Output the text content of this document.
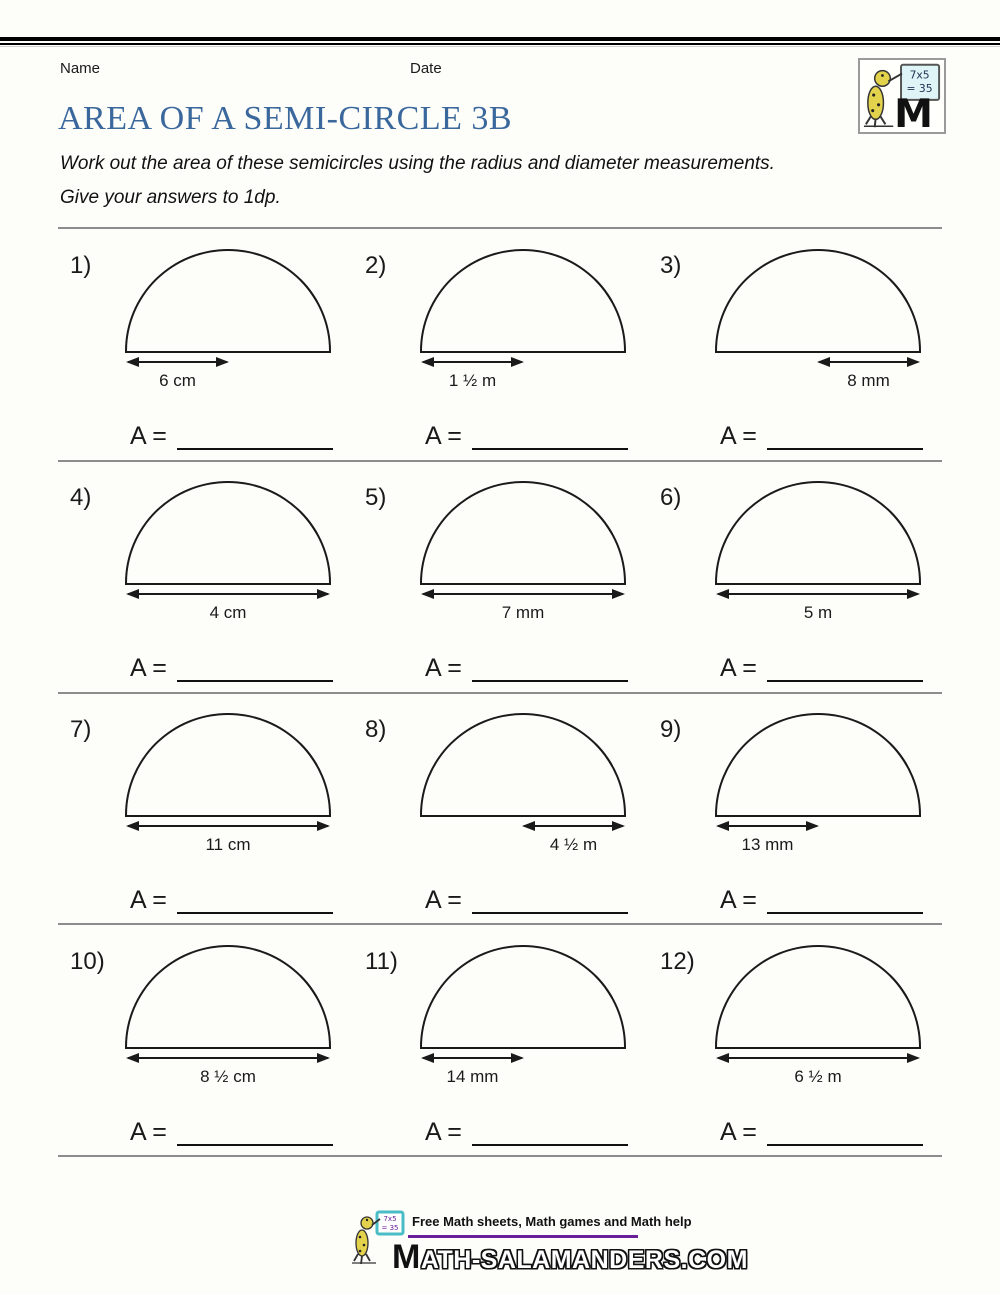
Name	Date	7x5
= 35
M
AREA OF A SEMI-CIRCLE 3B
Work out the area of these semicircles using the radius and diameter measurements.
Give your answers to 1dp.
1)
6 cm
A =
2)
1 ½ m
A =
3)
8 mm
A =
4)
4 cm
A =
5)
7 mm
A =
6)
5 m
A =
7)
11 cm
A =
8)
4 ½ m
A =
9)
13 mm
A =
10)
8 ½ cm
A =
11)
14 mm
A =
12)
6 ½ m
A =
7x5
= 35 Free Math sheets, Math games and Math help
MATH-SALAMANDERS.COM
